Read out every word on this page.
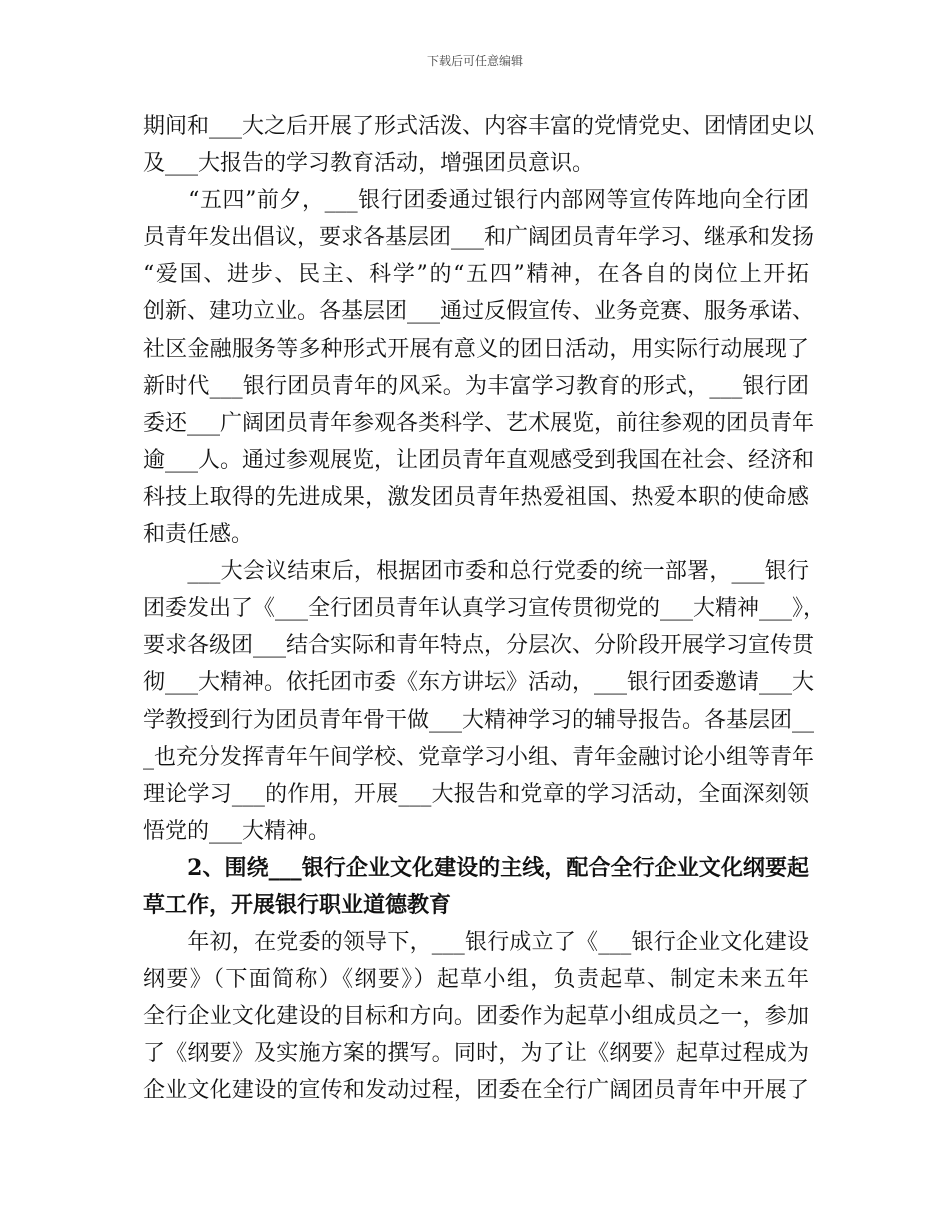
下载后可任意编辑
期间和___大之后开展了形式活泼、内容丰富的党情党史、团情团史以
及___大报告的学习教育活动，增强团员意识。
　　“五四”前夕，___银行团委通过银行内部网等宣传阵地向全行团
员青年发出倡议，要求各基层团___和广阔团员青年学习、继承和发扬
“爱国、进步、民主、科学”的“五四”精神，在各自的岗位上开拓
创新、建功立业。各基层团___通过反假宣传、业务竞赛、服务承诺、
社区金融服务等多种形式开展有意义的团日活动，用实际行动展现了
新时代___银行团员青年的风采。为丰富学习教育的形式，___银行团
委还___广阔团员青年参观各类科学、艺术展览，前往参观的团员青年
逾___人。通过参观展览，让团员青年直观感受到我国在社会、经济和
科技上取得的先进成果，激发团员青年热爱祖国、热爱本职的使命感
和责任感。
　　___大会议结束后，根据团市委和总行党委的统一部署，___银行
团委发出了《___全行团员青年认真学习宣传贯彻党的___大精神___》，
要求各级团___结合实际和青年特点，分层次、分阶段开展学习宣传贯
彻___大精神。依托团市委《东方讲坛》活动，___银行团委邀请___大
学教授到行为团员青年骨干做___大精神学习的辅导报告。各基层团__
_也充分发挥青年午间学校、党章学习小组、青年金融讨论小组等青年
理论学习___的作用，开展___大报告和党章的学习活动，全面深刻领
悟党的___大精神。
　　2、围绕___银行企业文化建设的主线，配合全行企业文化纲要起
草工作，开展银行职业道德教育
　　年初，在党委的领导下，___银行成立了《___银行企业文化建设
纲要》（下面简称）《纲要》）起草小组，负责起草、制定未来五年
全行企业文化建设的目标和方向。团委作为起草小组成员之一，参加
了《纲要》及实施方案的撰写。同时，为了让《纲要》起草过程成为
企业文化建设的宣传和发动过程，团委在全行广阔团员青年中开展了
